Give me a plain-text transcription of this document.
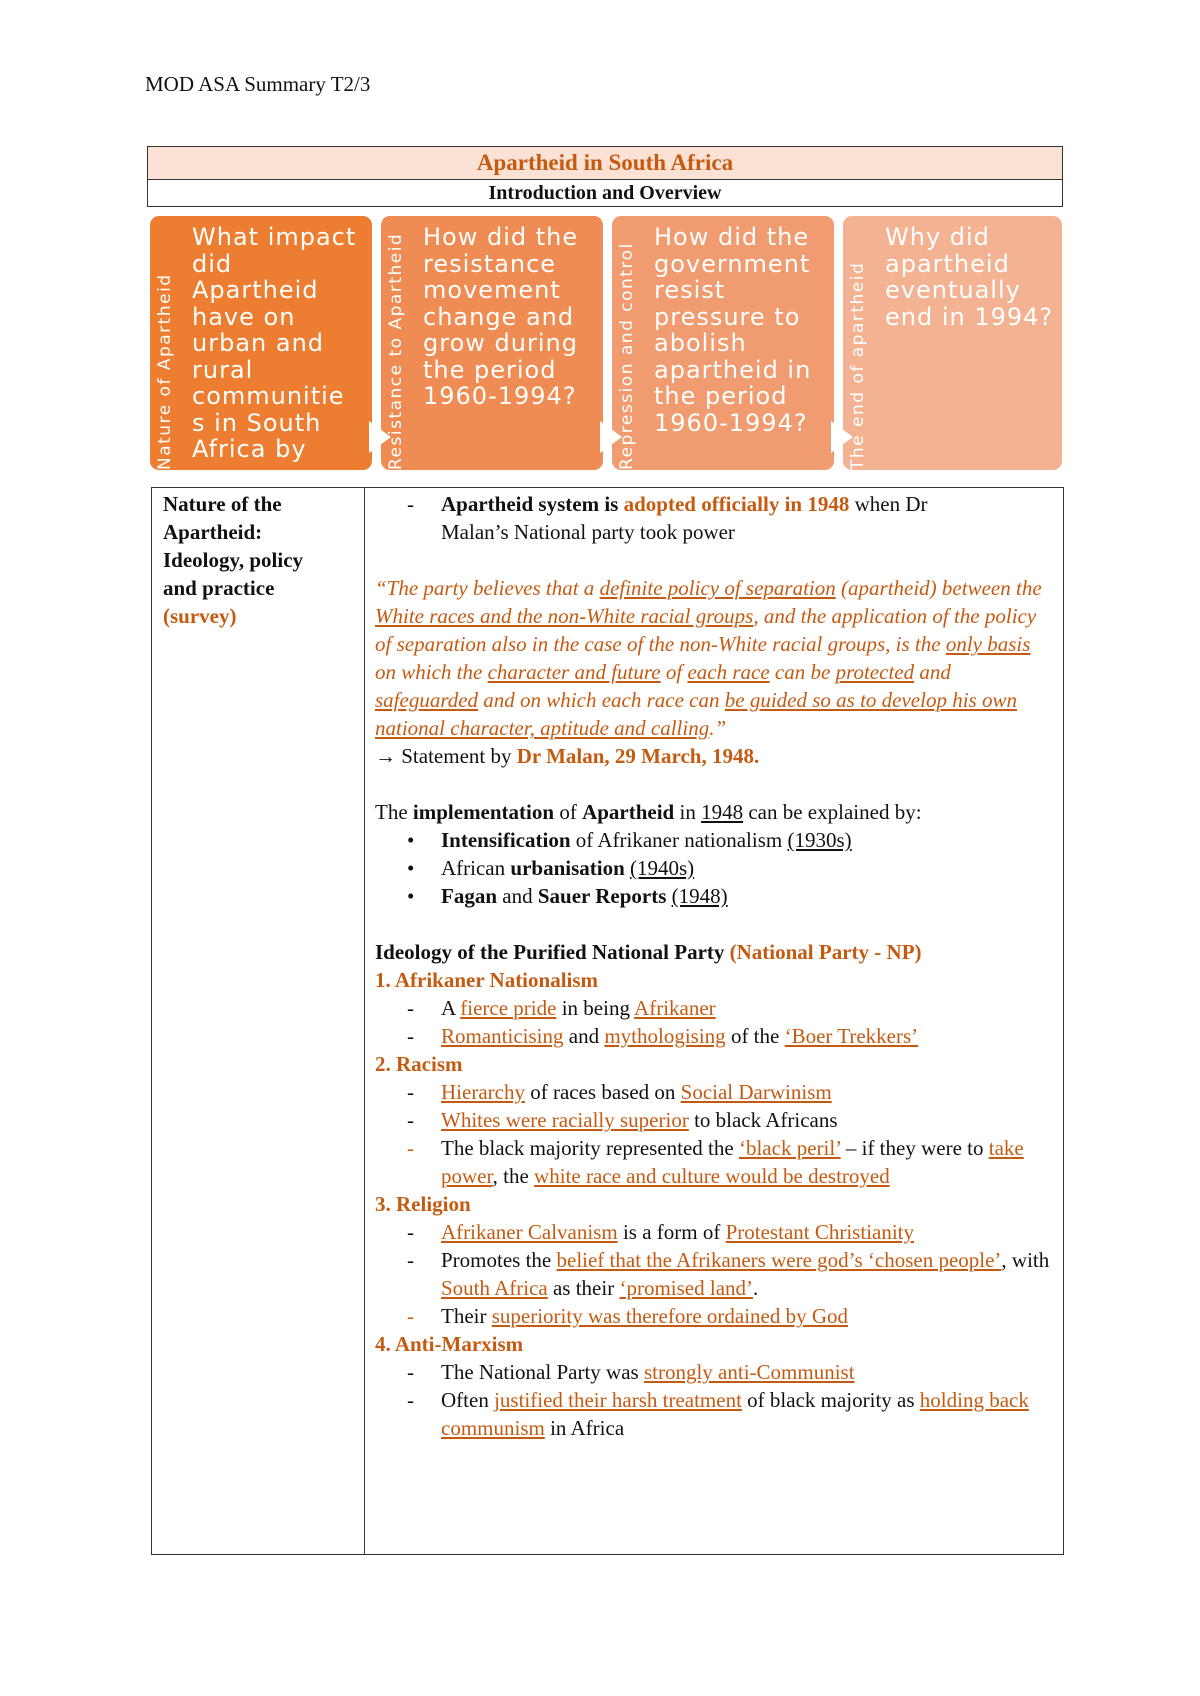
MOD ASA Summary T2/3
Apartheid in South Africa
Introduction and Overview
Nature of Apartheid
What impact did Apartheid have on urban and rural communitie s in South Africa by	Resistance to Apartheid How did the resistance movement change and grow during the period 1960-1994?	Repression and control
How did the government resist pressure to abolish apartheid in the period 1960-1994?	The end of apartheid
Why did apartheid eventually end in 1994?
Nature of the
Apartheid:
Ideology, policy
and practice
(survey)
- Apartheid system is adopted officially in 1948 when Dr
Malan’s National party took power
“The party believes that a definite policy of separation (apartheid) between the White races and the non-White racial groups, and the application of the policy of separation also in the case of the non-White racial groups, is the only basis on which the character and future of each race can be protected and safeguarded and on which each race can be guided so as to develop his own national character, aptitude and calling.”
→ Statement by Dr Malan, 29 March, 1948.
The implementation of Apartheid in 1948 can be explained by:
• Intensification of Afrikaner nationalism (1930s)
• African urbanisation (1940s)
• Fagan and Sauer Reports (1948)
Ideology of the Purified National Party (National Party - NP)
1. Afrikaner Nationalism
- A fierce pride in being Afrikaner
- Romanticising and mythologising of the ‘Boer Trekkers’
2. Racism
- Hierarchy of races based on Social Darwinism
- Whites were racially superior to black Africans
- The black majority represented the ‘black peril’ – if they were to take power, the white race and culture would be destroyed
3. Religion
- Afrikaner Calvanism is a form of Protestant Christianity
- Promotes the belief that the Afrikaners were god’s ‘chosen people’, with South Africa as their ‘promised land’.
- Their superiority was therefore ordained by God
4. Anti-Marxism
- The National Party was strongly anti-Communist
- Often justified their harsh treatment of black majority as holding back communism in Africa
